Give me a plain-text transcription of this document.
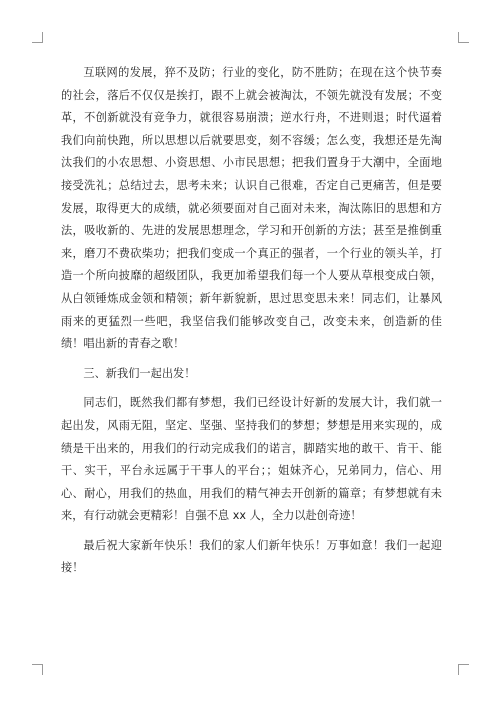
互联网的发展，猝不及防；行业的变化，防不胜防；在现在这个快节奏的社会，落后不仅仅是挨打，跟不上就会被淘汰，不领先就没有发展；不变革，不创新就没有竞争力，就很容易崩溃；逆水行舟，不进则退；时代逼着我们向前快跑，所以思想以后就要思变，刻不容缓；怎么变，我想还是先淘汰我们的小农思想、小资思想、小市民思想；把我们置身于大潮中，全面地接受洗礼；总结过去，思考未来；认识自己很难，否定自己更痛苦，但是要发展，取得更大的成绩，就必须要面对自己面对未来，淘汰陈旧的思想和方法，吸收新的、先进的发展思想理念，学习和开创新的方法；甚至是推倒重来，磨刀不费砍柴功；把我们变成一个真正的强者，一个行业的领头羊，打造一个所向披靡的超级团队，我更加希望我们每一个人要从草根变成白领，从白领锤炼成金领和精领；新年新貌新，思过思变思未来！同志们，让暴风雨来的更猛烈一些吧，我坚信我们能够改变自己，改变未来，创造新的佳绩！唱出新的青春之歌！

三、新我们一起出发！

同志们，既然我们都有梦想，我们已经设计好新的发展大计，我们就一起出发，风雨无阻，坚定、坚强、坚持我们的梦想；梦想是用来实现的，成绩是干出来的，用我们的行动完成我们的诺言，脚踏实地的敢干、肯干、能干、实干，平台永远属于干事人的平台；；姐妹齐心，兄弟同力，信心、用心、耐心，用我们的热血，用我们的精气神去开创新的篇章；有梦想就有未来，有行动就会更精彩！自强不息 xx 人，全力以赴创奇迹！

最后祝大家新年快乐！我们的家人们新年快乐！万事如意！我们一起迎接！
